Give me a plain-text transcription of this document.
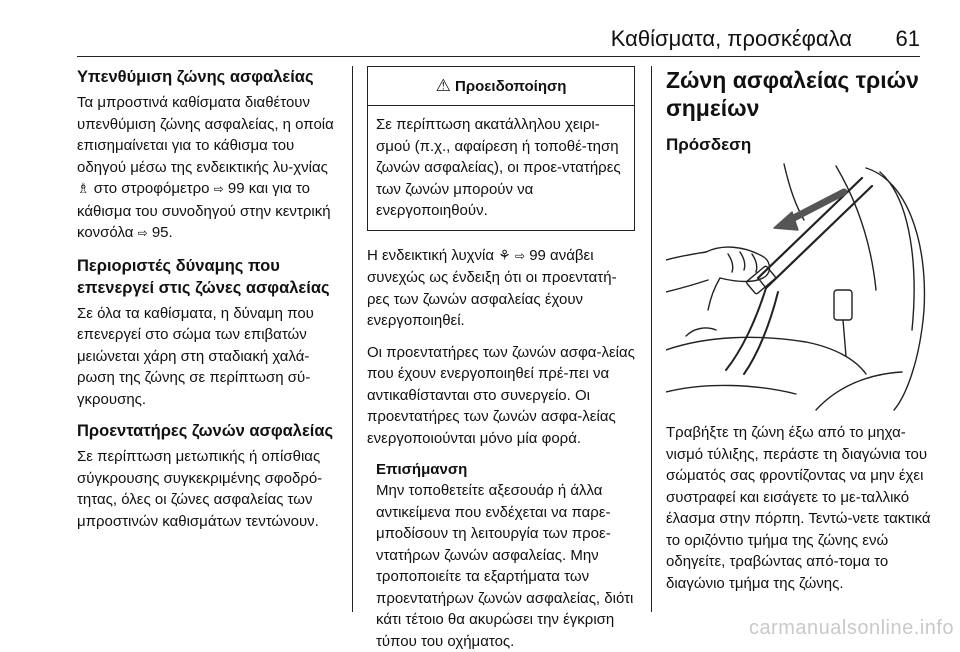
Καθίσματα, προσκέφαλα 61
Υπενθύμιση ζώνης ασφαλείας

Τα μπροστινά καθίσματα διαθέτουν υπενθύμιση ζώνης ασφαλείας, η οποία επισημαίνεται για το κάθισμα του οδηγού μέσω της ενδεικτικής λυ-χνίας ♗ στο στροφόμετρο ⇨ 99 και για το κάθισμα του συνοδηγού στην κεντρική κονσόλα ⇨ 95.

Περιοριστές δύναμης που επενεργεί στις ζώνες ασφαλείας

Σε όλα τα καθίσματα, η δύναμη που επενεργεί στο σώμα των επιβατών μειώνεται χάρη στη σταδιακή χαλά-ρωση της ζώνης σε περίπτωση σύ-γκρουσης.

Προεντατήρες ζωνών ασφαλείας

Σε περίπτωση μετωπικής ή οπίσθιας σύγκρουσης συγκεκριμένης σφοδρό-τητας, όλες οι ζώνες ασφαλείας των μπροστινών καθισμάτων τεντώνουν.

⚠ Προειδοποίηση
Σε περίπτωση ακατάλληλου χειρι-σμού (π.χ., αφαίρεση ή τοποθέ-τηση ζωνών ασφαλείας), οι προε-ντατήρες των ζωνών μπορούν να ενεργοποιηθούν.

Η ενδεικτική λυχνία ⚘ ⇨ 99 ανάβει συνεχώς ως ένδειξη ότι οι προεντατή-ρες των ζωνών ασφαλείας έχουν ενεργοποιηθεί.

Οι προεντατήρες των ζωνών ασφα-λείας που έχουν ενεργοποιηθεί πρέ-πει να αντικαθίστανται στο συνεργείο. Οι προεντατήρες των ζωνών ασφα-λείας ενεργοποιούνται μόνο μία φορά.

Επισήμανση
Μην τοποθετείτε αξεσουάρ ή άλλα αντικείμενα που ενδέχεται να παρε-μποδίσουν τη λειτουργία των προε-ντατήρων ζωνών ασφαλείας. Μην τροποποιείτε τα εξαρτήματα των προεντατήρων ζωνών ασφαλείας, διότι κάτι τέτοιο θα ακυρώσει την έγκριση τύπου του οχήματος.
Ζώνη ασφαλείας τριών σημείων
Πρόσδεση

Τραβήξτε τη ζώνη έξω από το μηχα-νισμό τύλιξης, περάστε τη διαγώνια του σώματός σας φροντίζοντας να μην έχει συστραφεί και εισάγετε το με-ταλλικό έλασμα στην πόρπη. Τεντώ-νετε τακτικά το οριζόντιο τμήμα της ζώνης ενώ οδηγείτε, τραβώντας από-τομα το διαγώνιο τμήμα της ζώνης.

carmanualsonline.info
